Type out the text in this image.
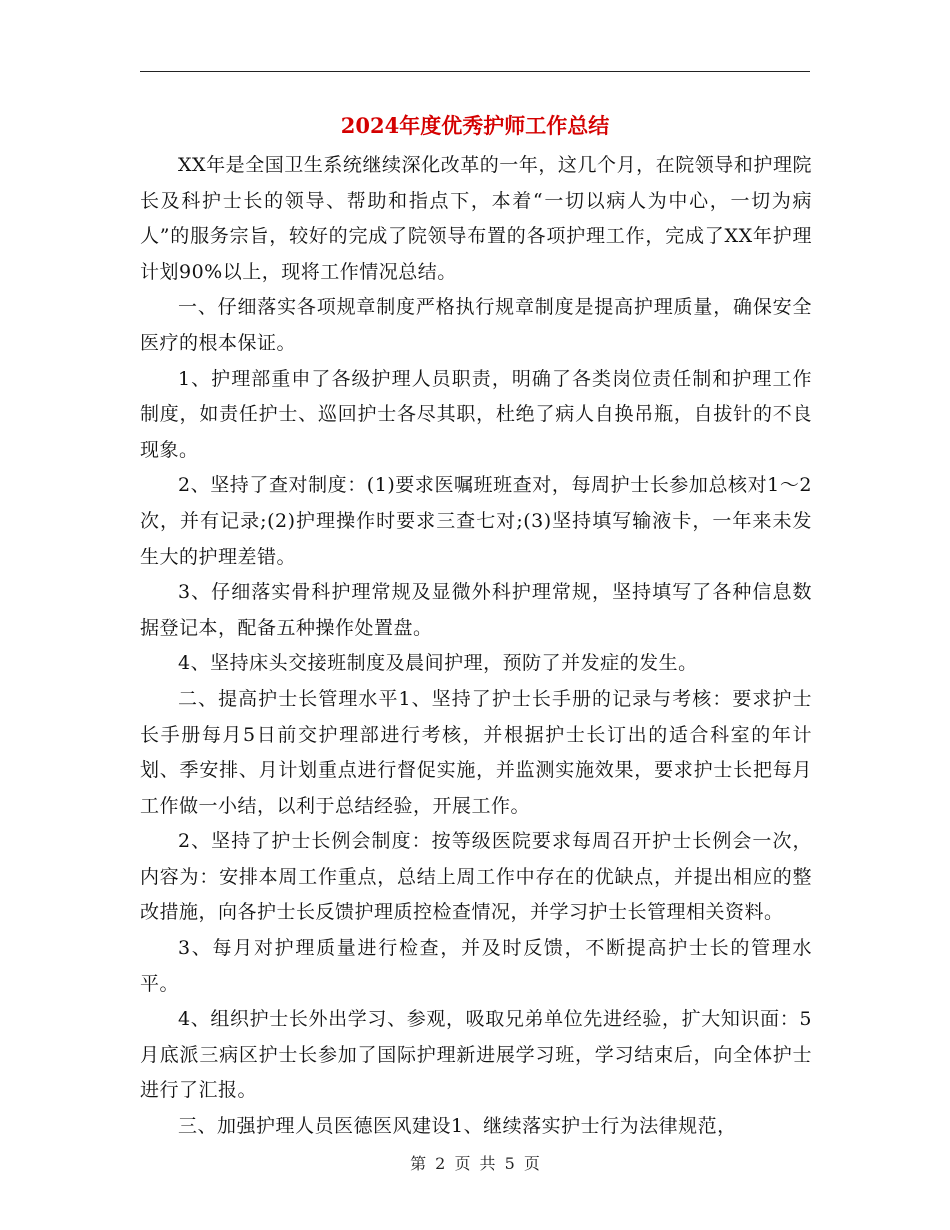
2024年度优秀护师工作总结

XX年是全国卫生系统继续深化改革的一年，这几个月，在院领导和护理院长及科护士长的领导、帮助和指点下，本着“一切以病人为中心，一切为病人”的服务宗旨，较好的完成了院领导布置的各项护理工作，完成了XX年护理计划90%以上，现将工作情况总结。

一、仔细落实各项规章制度严格执行规章制度是提高护理质量，确保安全医疗的根本保证。

1、护理部重申了各级护理人员职责，明确了各类岗位责任制和护理工作制度，如责任护士、巡回护士各尽其职，杜绝了病人自换吊瓶，自拔针的不良现象。

2、坚持了查对制度：(1)要求医嘱班班查对，每周护士长参加总核对1～2次，并有记录;(2)护理操作时要求三查七对;(3)坚持填写输液卡，一年来未发生大的护理差错。

3、仔细落实骨科护理常规及显微外科护理常规，坚持填写了各种信息数据登记本，配备五种操作处置盘。

4、坚持床头交接班制度及晨间护理，预防了并发症的发生。

二、提高护士长管理水平1、坚持了护士长手册的记录与考核：要求护士长手册每月5日前交护理部进行考核，并根据护士长订出的适合科室的年计划、季安排、月计划重点进行督促实施，并监测实施效果，要求护士长把每月工作做一小结，以利于总结经验，开展工作。

2、坚持了护士长例会制度：按等级医院要求每周召开护士长例会一次，内容为：安排本周工作重点，总结上周工作中存在的优缺点，并提出相应的整改措施，向各护士长反馈护理质控检查情况，并学习护士长管理相关资料。

3、每月对护理质量进行检查，并及时反馈，不断提高护士长的管理水平。

4、组织护士长外出学习、参观，吸取兄弟单位先进经验，扩大知识面：5月底派三病区护士长参加了国际护理新进展学习班，学习结束后，向全体护士进行了汇报。

三、加强护理人员医德医风建设1、继续落实护士行为法律规范，

第 2 页 共 5 页
